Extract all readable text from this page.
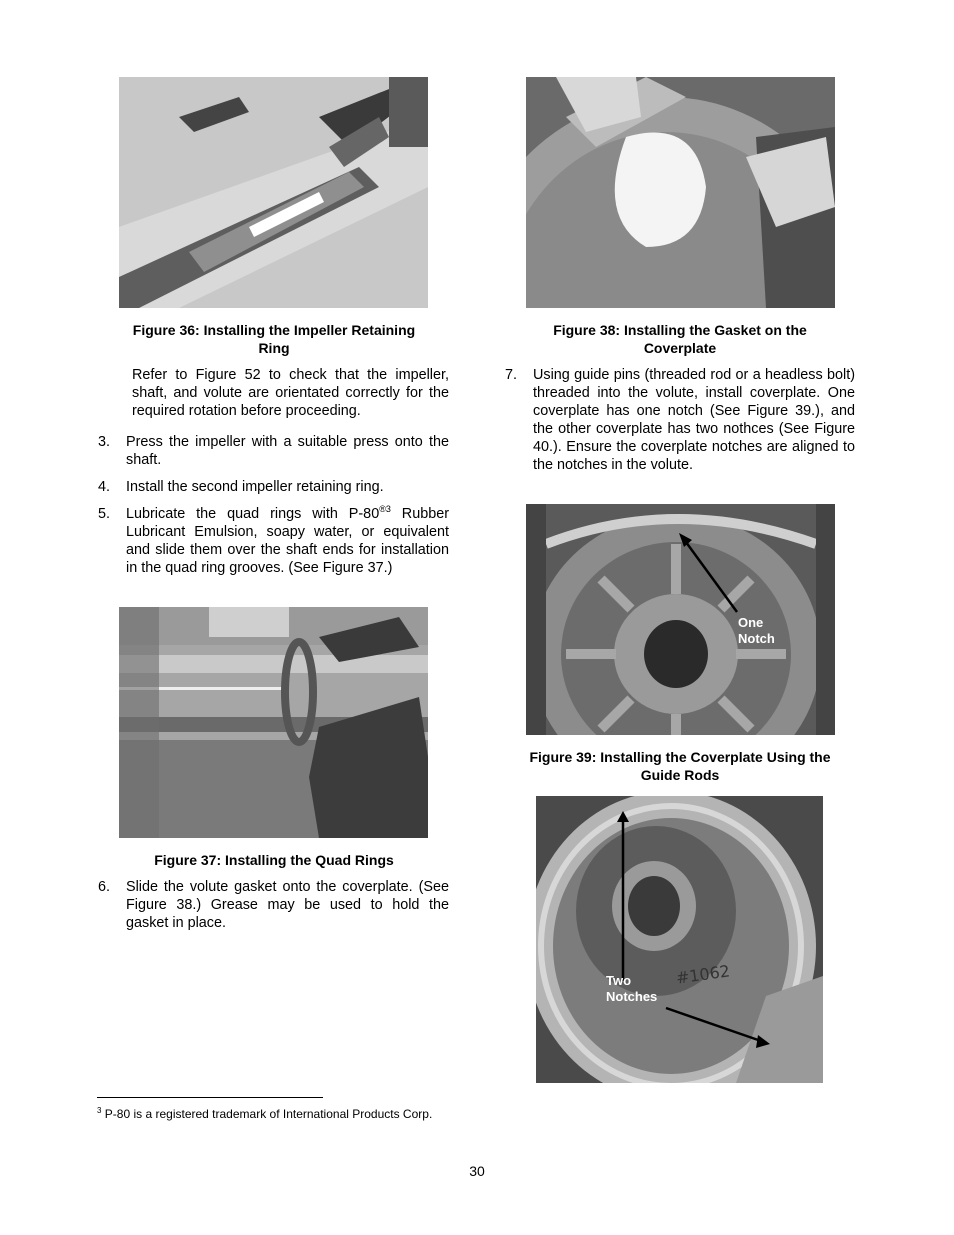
Figure 36: Installing the Impeller Retaining
Ring
Refer to Figure 52 to check that the impeller, shaft, and volute are orientated correctly for the required rotation before proceeding.
3. Press the impeller with a suitable press onto the shaft.
4. Install the second impeller retaining ring.
5. Lubricate the quad rings with $P-80^{®3}$ Rubber Lubricant Emulsion, soapy water, or equivalent and slide them over the shaft ends for installation in the quad ring grooves. (See Figure 37.)
Figure 37: Installing the Quad Rings
6. Slide the volute gasket onto the coverplate. (See Figure 38.) Grease may be used to hold the gasket in place.
Figure 38: Installing the Gasket on the
Coverplate
7. Using guide pins (threaded rod or a headless bolt) threaded into the volute, install coverplate. One coverplate has one notch (See Figure 39.), and the other coverplate has two nothces (See Figure 40.). Ensure the coverplate notches are aligned to the notches in the volute.
One
Notch
Figure 39: Installing the Coverplate Using the
Guide Rods
#1062
Two
Notches
$^3$ P-80 is a registered trademark of International Products Corp.
30
